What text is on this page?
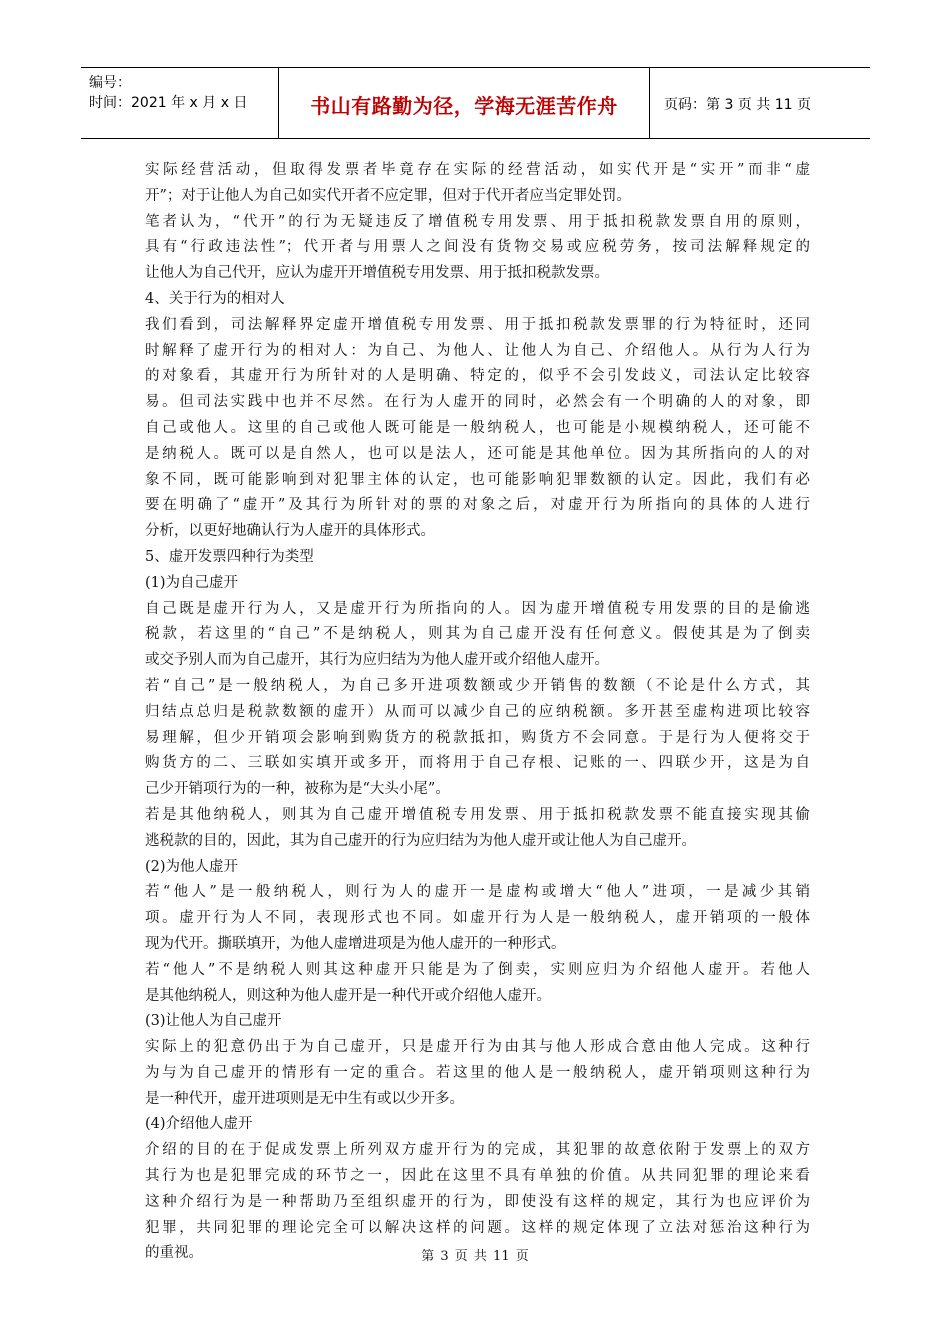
编号：
时间：2021 年 x 月 x 日	书山有路勤为径，学海无涯苦作舟	页码：第 3 页 共 11 页
实际经营活动，但取得发票者毕竟存在实际的经营活动，如实代开是“实开”而非“虚
开”；对于让他人为自己如实代开者不应定罪，但对于代开者应当定罪处罚。
笔者认为，“代开”的行为无疑违反了增值税专用发票、用于抵扣税款发票自用的原则，
具有“行政违法性”；代开者与用票人之间没有货物交易或应税劳务，按司法解释规定的
让他人为自己代开，应认为虚开开增值税专用发票、用于抵扣税款发票。
4、关于行为的相对人
我们看到，司法解释界定虚开增值税专用发票、用于抵扣税款发票罪的行为特征时，还同
时解释了虚开行为的相对人：为自己、为他人、让他人为自己、介绍他人。从行为人行为
的对象看，其虚开行为所针对的人是明确、特定的，似乎不会引发歧义，司法认定比较容
易。但司法实践中也并不尽然。在行为人虚开的同时，必然会有一个明确的人的对象，即
自己或他人。这里的自己或他人既可能是一般纳税人，也可能是小规模纳税人，还可能不
是纳税人。既可以是自然人，也可以是法人，还可能是其他单位。因为其所指向的人的对
象不同，既可能影响到对犯罪主体的认定，也可能影响犯罪数额的认定。因此，我们有必
要在明确了“虚开”及其行为所针对的票的对象之后，对虚开行为所指向的具体的人进行
分析，以更好地确认行为人虚开的具体形式。
5、虚开发票四种行为类型
(1)为自己虚开
自己既是虚开行为人，又是虚开行为所指向的人。因为虚开增值税专用发票的目的是偷逃
税款，若这里的“自己”不是纳税人，则其为自己虚开没有任何意义。假使其是为了倒卖
或交予别人而为自己虚开，其行为应归结为为他人虚开或介绍他人虚开。
若“自己”是一般纳税人，为自己多开进项数额或少开销售的数额（不论是什么方式，其
归结点总归是税款数额的虚开）从而可以减少自己的应纳税额。多开甚至虚构进项比较容
易理解，但少开销项会影响到购货方的税款抵扣，购货方不会同意。于是行为人便将交于
购货方的二、三联如实填开或多开，而将用于自己存根、记账的一、四联少开，这是为自
己少开销项行为的一种，被称为是“大头小尾”。
若是其他纳税人，则其为自己虚开增值税专用发票、用于抵扣税款发票不能直接实现其偷
逃税款的目的，因此，其为自己虚开的行为应归结为为他人虚开或让他人为自己虚开。
(2)为他人虚开
若“他人”是一般纳税人，则行为人的虚开一是虚构或增大“他人”进项，一是减少其销
项。虚开行为人不同，表现形式也不同。如虚开行为人是一般纳税人，虚开销项的一般体
现为代开。撕联填开，为他人虚增进项是为他人虚开的一种形式。
若“他人”不是纳税人则其这种虚开只能是为了倒卖，实则应归为介绍他人虚开。若他人
是其他纳税人，则这种为他人虚开是一种代开或介绍他人虚开。
(3)让他人为自己虚开
实际上的犯意仍出于为自己虚开，只是虚开行为由其与他人形成合意由他人完成。这种行
为与为自己虚开的情形有一定的重合。若这里的他人是一般纳税人，虚开销项则这种行为
是一种代开，虚开进项则是无中生有或以少开多。
(4)介绍他人虚开
介绍的目的在于促成发票上所列双方虚开行为的完成，其犯罪的故意依附于发票上的双方
其行为也是犯罪完成的环节之一，因此在这里不具有单独的价值。从共同犯罪的理论来看
这种介绍行为是一种帮助乃至组织虚开的行为，即使没有这样的规定，其行为也应评价为
犯罪，共同犯罪的理论完全可以解决这样的问题。这样的规定体现了立法对惩治这种行为
的重视。	第 3 页 共 11 页
